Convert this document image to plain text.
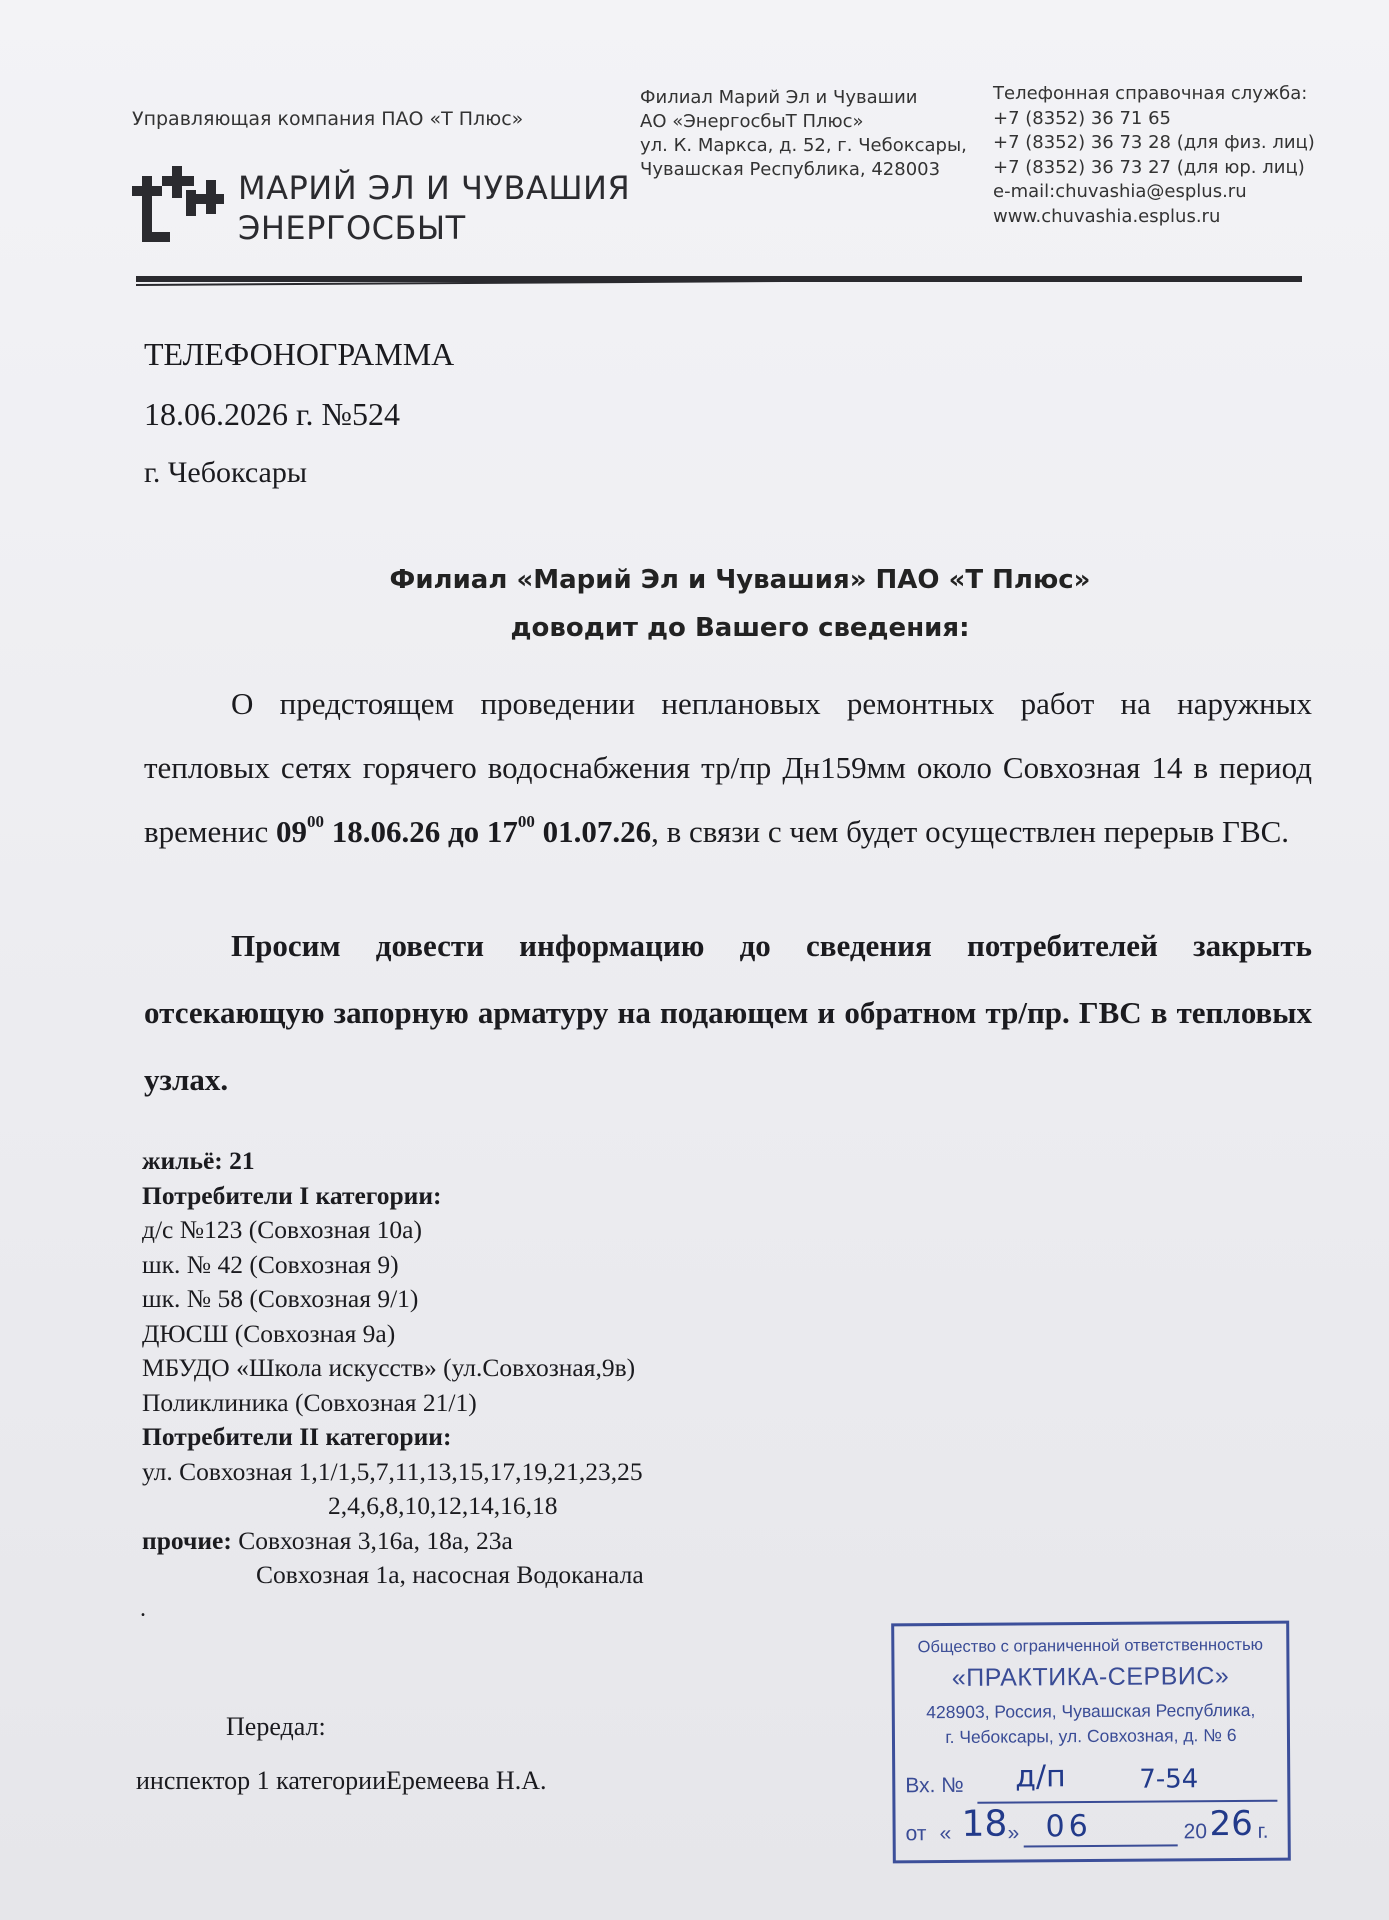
Управляющая компания ПАО «Т Плюс»
МАРИЙ ЭЛ И ЧУВАШИЯ
ЭНЕРГОСБЫТ
Филиал Марий Эл и Чувашии
АО «ЭнергосбыТ Плюс»
ул. К. Маркса, д. 52, г. Чебоксары,
Чувашская Республика, 428003
Телефонная справочная служба:
+7 (8352) 36 71 65
+7 (8352) 36 73 28 (для физ. лиц)
+7 (8352) 36 73 27 (для юр. лиц)
e-mail:chuvashia@esplus.ru
www.chuvashia.esplus.ru
ТЕЛЕФОНОГРАММА
18.06.2026 г. №524
г. Чебоксары
Филиал «Марий Эл и Чувашия» ПАО «Т Плюс»
доводит до Вашего сведения:
О предстоящем проведении неплановых ремонтных работ на наружных тепловых сетях горячего водоснабжения тр/пр Дн159мм около Совхозная 14 в период временис $09^{00}$ 18.06.26 до $17^{00}$ 01.07.26, в связи с чем будет осуществлен перерыв ГВС.
Просим довести информацию до сведения потребителей закрыть отсекающую запорную арматуру на подающем и обратном тр/пр. ГВС в тепловых узлах.
жильё: 21
Потребители I категории:
д/с №123 (Совхозная 10а)
шк. № 42 (Совхозная 9)
шк. № 58 (Совхозная 9/1)
ДЮСШ (Совхозная 9а)
МБУДО «Школа искусств» (ул.Совхозная,9в)
Поликлиника (Совхозная 21/1)
Потребители II категории:
ул. Совхозная 1,1/1,5,7,11,13,15,17,19,21,23,25
2,4,6,8,10,12,14,16,18
прочие: Совхозная 3,16а, 18а, 23а
Совхозная 1а, насосная Водоканала
.
Передал:
инспектор 1 категорииЕремеева Н.А.
Общество с ограниченной ответственностью
«ПРАКТИКА-СЕРВИС»
428903, Россия, Чувашская Республика,
г. Чебоксары, ул. Совхозная, д. № 6
Вх. № д/п	7-54
от « 18 » 06	20 26 г.
